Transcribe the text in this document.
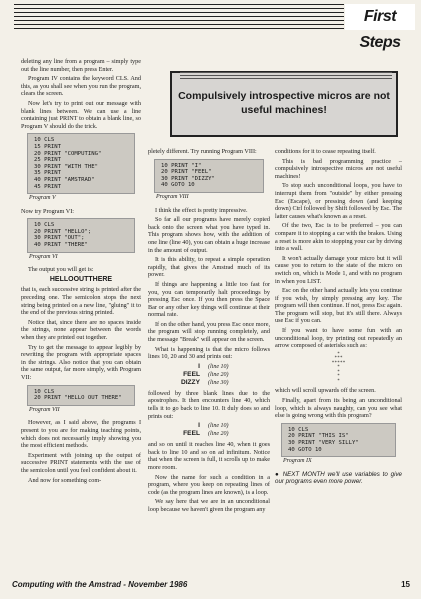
First Steps
Compulsively introspective micros are not useful machines!

deleting any line from a program – simply type out the line number, then press Enter.

Program IV contains the keyword CLS. And this, as you shall see when you run the program, clears the screen.

Now let's try to print out our message with blank lines between. We can use a line containing just PRINT to obtain a blank line, so Program V should do the trick.

10 CLS
15 PRINT
20 PRINT "COMPUTING"
25 PRINT
30 PRINT "WITH THE"
35 PRINT
40 PRINT "AMSTRAD"
45 PRINT
Program V

Now try Program VI:

10 CLS
20 PRINT "HELLO";
30 PRINT "OUT";
40 PRINT "THERE"
Program VI

The output you will get is:

HELLOOUTTHERE

that is, each successive string is printed after the preceding one. The semicolon stops the next string being printed on a new line, "gluing" it to the end of the previous string printed.

Notice that, since there are no spaces inside the strings, none appear between the words when they are printed out together.

Try to get the message to appear legibly by rewriting the program with appropriate spaces in the strings. Also notice that you can obtain the same output, far more simply, with Program VII:

10 CLS
20 PRINT "HELLO OUT THERE"
Program VII

However, as I said above, the programs I present to you are for making teaching points, which does not necessarily imply showing you the most efficient methods.

Experiment with joining up the output of successive PRINT statements with the use of the semicolon until you feel confident about it.

And now for something com-

pletely different. Try running Program VIII:

10 PRINT "I"
20 PRINT "FEEL"
30 PRINT "DIZZY"
40 GOTO 10
Program VIII

I think the effect is pretty impressive.

So far all our programs have merely copied back onto the screen what you have typed in. This program shows how, with the addition of one line (line 40), you can obtain a huge increase in the amount of output.

It is this ability, to repeat a simple operation rapidly, that gives the Amstrad much of its power.

If things are happening a little too fast for you, you can temporarily halt proceedings by pressing Esc once. If you then press the Space Bar or any other key things will continue at their normal rate.

If on the other hand, you press Esc once more, the program will stop running completely, and the message "Break" will appear on the screen.

What is happening is that the micro follows lines 10, 20 and 30 and prints out:

I	(line 10)
FEEL	(line 20)
DIZZY	(line 30)

followed by three blank lines due to the apostrophes. It then encounters line 40, which tells it to go back to line 10. It duly does so and prints out:

I	(line 10)
FEEL	(line 20)

and so on until it reaches line 40, when it goes back to line 10 and so on ad infinitum. Notice that when the screen is full, it scrolls up to make more room.

Now the name for such a condition in a program, where you keep on repeating lines of code (as the program lines are known), is a loop.

We say here that we are in an unconditional loop because we haven't given the program any

conditions for it to cease repeating itself.

This is bad programming practice – compulsively introspective micros are not useful machines!

To stop such unconditional loops, you have to interrupt them from "outside" by either pressing Esc (Escape), or pressing down (and keeping down) Ctrl followed by Shift followed by Esc. The latter causes what's known as a reset.

Of the two, Esc is to be preferred – you can compare it to stopping a car with the brakes. Using a reset is more akin to stopping your car by driving into a wall.

It won't actually damage your micro but it will cause you to return to the state of the micro on switch on, which is Mode 1, and with no program in when you LIST.

Esc on the other hand actually lets you continue if you wish, by simply pressing any key. The program will then continue. If not, press Esc again. The program will stop, but it's still there. Always use Esc if you can.

If you want to have some fun with an unconditional loop, try printing out repeatedly an arrow composed of asterisks such as:

*
***
*****
*
*
*
*

which will scroll upwards off the screen.

Finally, apart from its being an unconditional loop, which is always naughty, can you see what else is going wrong with this program?

10 CLS
20 PRINT "THIS IS"
30 PRINT "VERY SILLY"
40 GOTO 10
Program IX
● NEXT MONTH we'll use variables to give our programs even more power.
Computing with the Amstrad - November 1986	15
